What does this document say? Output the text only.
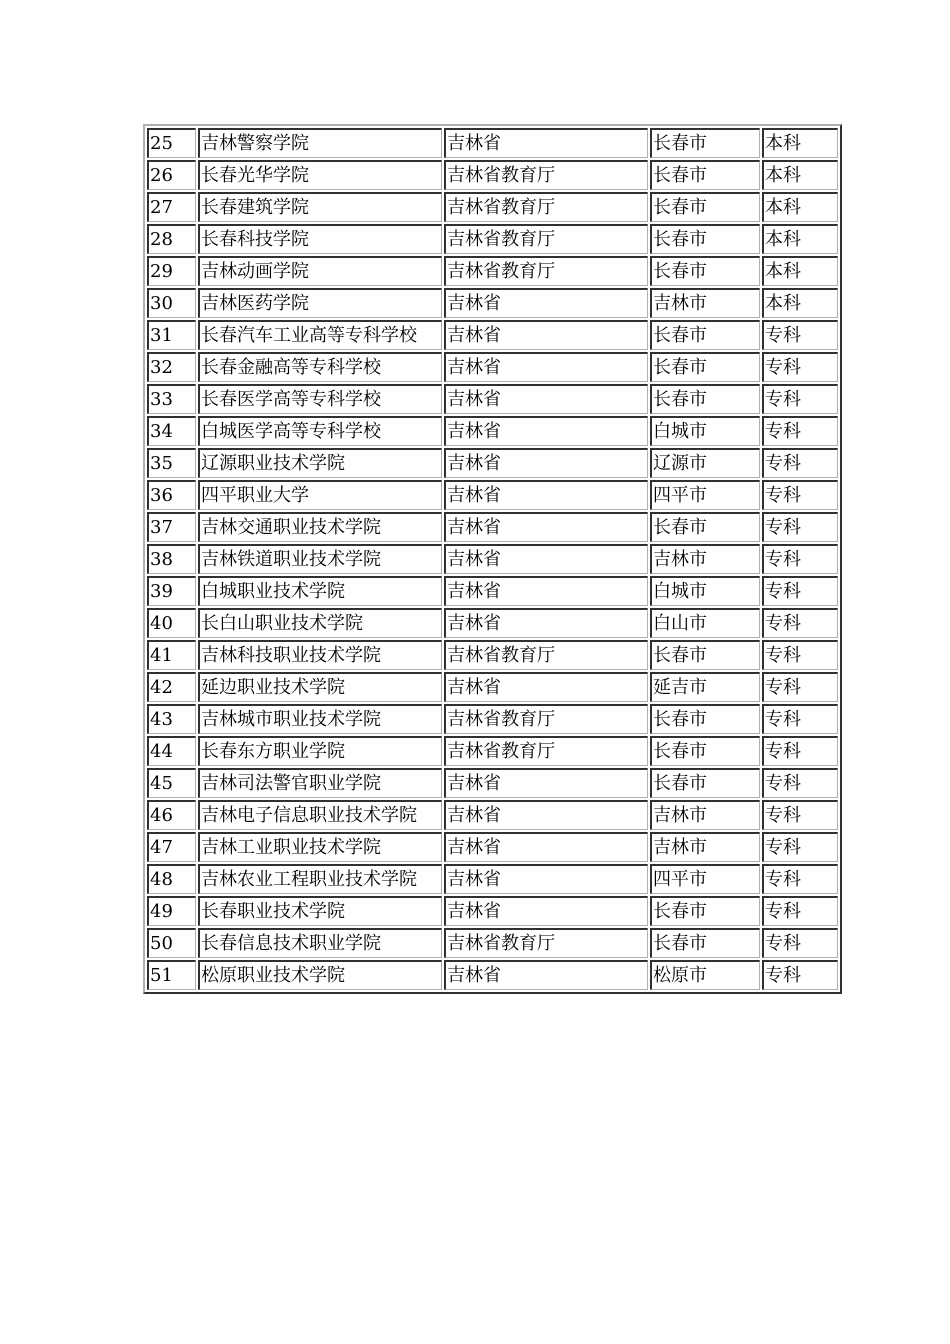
25	吉林警察学院	吉林省	长春市	本科
26	长春光华学院	吉林省教育厅	长春市	本科
27	长春建筑学院	吉林省教育厅	长春市	本科
28	长春科技学院	吉林省教育厅	长春市	本科
29	吉林动画学院	吉林省教育厅	长春市	本科
30	吉林医药学院	吉林省	吉林市	本科
31	长春汽车工业高等专科学校	吉林省	长春市	专科
32	长春金融高等专科学校	吉林省	长春市	专科
33	长春医学高等专科学校	吉林省	长春市	专科
34	白城医学高等专科学校	吉林省	白城市	专科
35	辽源职业技术学院	吉林省	辽源市	专科
36	四平职业大学	吉林省	四平市	专科
37	吉林交通职业技术学院	吉林省	长春市	专科
38	吉林铁道职业技术学院	吉林省	吉林市	专科
39	白城职业技术学院	吉林省	白城市	专科
40	长白山职业技术学院	吉林省	白山市	专科
41	吉林科技职业技术学院	吉林省教育厅	长春市	专科
42	延边职业技术学院	吉林省	延吉市	专科
43	吉林城市职业技术学院	吉林省教育厅	长春市	专科
44	长春东方职业学院	吉林省教育厅	长春市	专科
45	吉林司法警官职业学院	吉林省	长春市	专科
46	吉林电子信息职业技术学院	吉林省	吉林市	专科
47	吉林工业职业技术学院	吉林省	吉林市	专科
48	吉林农业工程职业技术学院	吉林省	四平市	专科
49	长春职业技术学院	吉林省	长春市	专科
50	长春信息技术职业学院	吉林省教育厅	长春市	专科
51	松原职业技术学院	吉林省	松原市	专科
